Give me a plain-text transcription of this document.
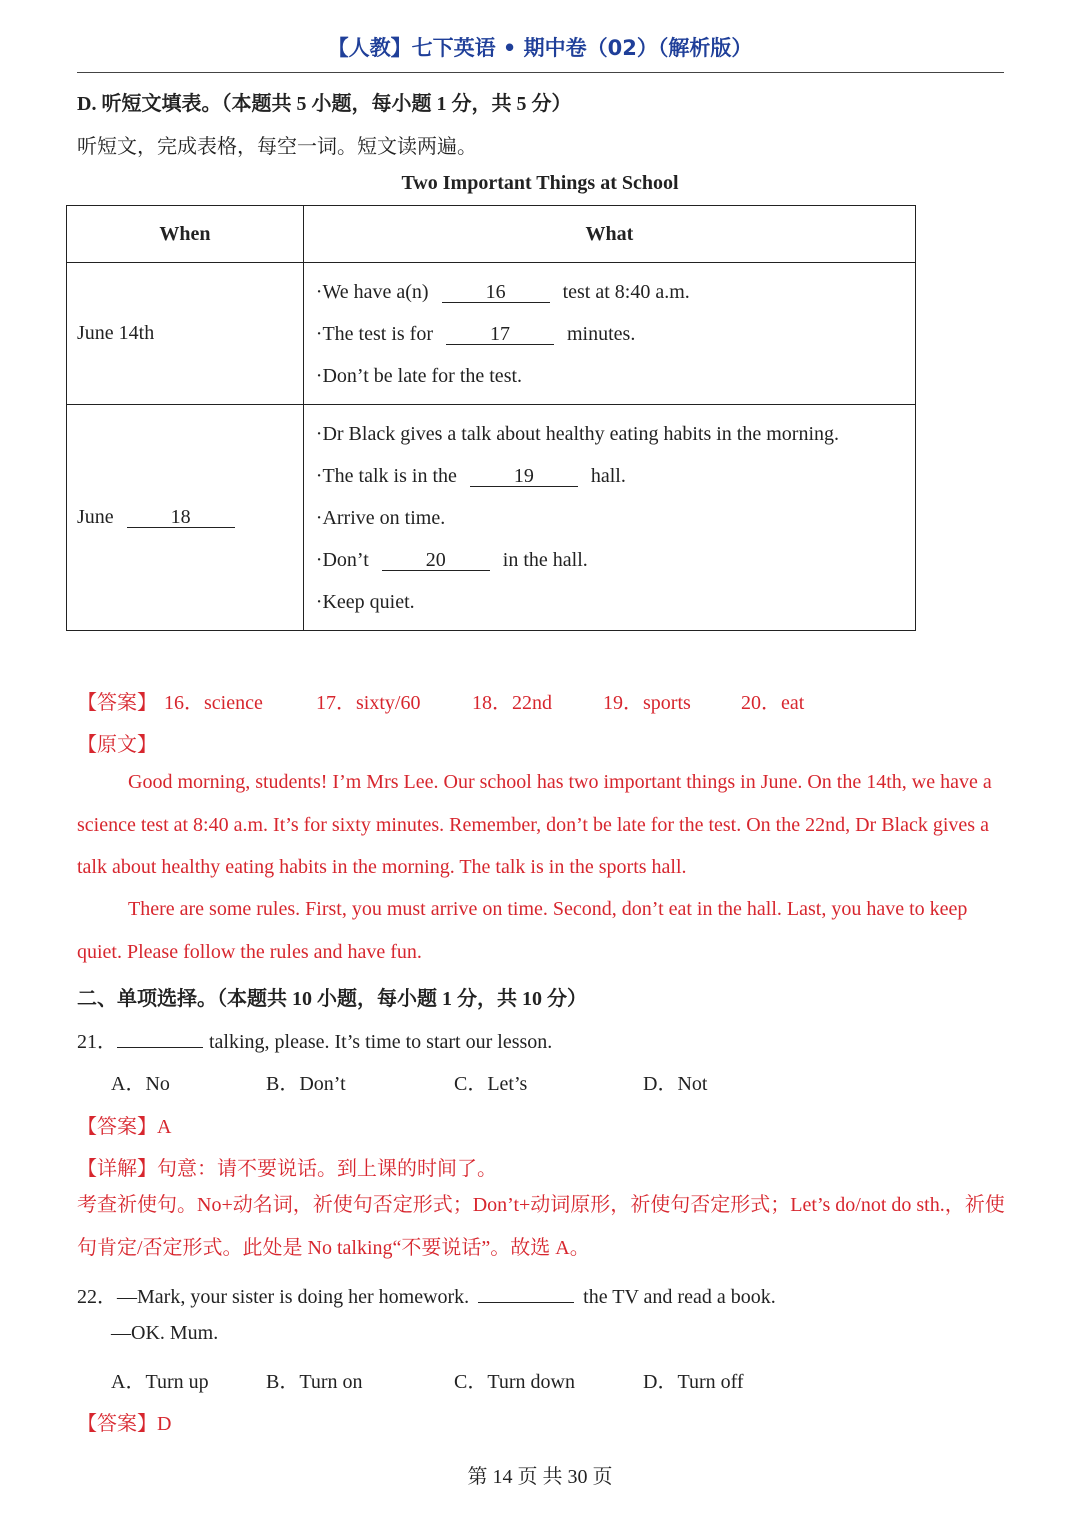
【人教】七下英语 • 期中卷（02）（解析版）
D. 听短文填表。（本题共 5 小题，每小题 1 分，共 5 分）
听短文，完成表格，每空一词。短文读两遍。
Two Important Things at School
When	What
June 14th	·We have a(n) 16 test at 8:40 a.m.
·The test is for 17 minutes.
·Don’t be late for the test.

June 18	·Dr Black gives a talk about healthy eating habits in the morning.
·The talk is in the 19 hall.
·Arrive on time.
·Don’t 20 in the hall.
·Keep quiet.
【答案】 16．science	17．sixty/60	18．22nd	19．sports	20．eat
【原文】
Good morning, students! I’m Mrs Lee. Our school has two important things in June. On the 14th, we have a science test at 8:40 a.m. It’s for sixty minutes. Remember, don’t be late for the test. On the 22nd, Dr Black gives a talk about healthy eating habits in the morning. The talk is in the sports hall.
There are some rules. First, you must arrive on time. Second, don’t eat in the hall. Last, you have to keep quiet. Please follow the rules and have fun.
二、单项选择。（本题共 10 小题，每小题 1 分，共 10 分）
21．	talking, please. It’s time to start our lesson.
A．No	B．Don’t	C．Let’s	D．Not
【答案】A
【详解】句意：请不要说话。到上课的时间了。
考查祈使句。No+动名词，祈使句否定形式；Don’t+动词原形，祈使句否定形式；Let’s do/not do sth.，祈使句肯定/否定形式。此处是 No talking“不要说话”。故选 A。
22．—Mark, your sister is doing her homework.	the TV and read a book.
—OK. Mum.
A．Turn up	B．Turn on	C．Turn down	D．Turn off
【答案】D
第 14 页 共 30 页
